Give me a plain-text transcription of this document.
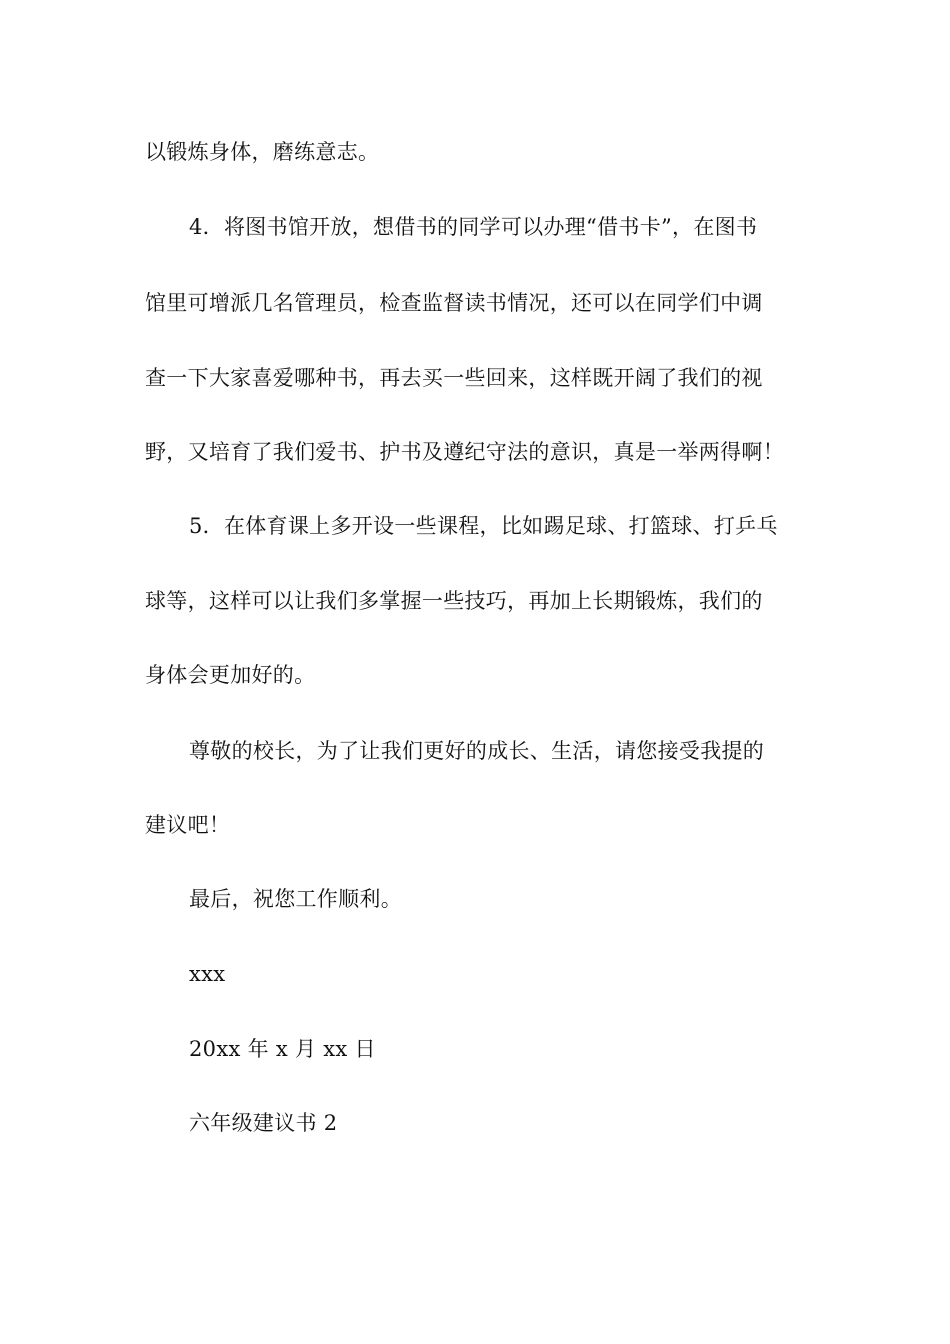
以锻炼身体，磨练意志。
4．将图书馆开放，想借书的同学可以办理“借书卡”，在图书
馆里可增派几名管理员，检查监督读书情况，还可以在同学们中调
查一下大家喜爱哪种书，再去买一些回来，这样既开阔了我们的视
野，又培育了我们爱书、护书及遵纪守法的意识，真是一举两得啊！
5．在体育课上多开设一些课程，比如踢足球、打篮球、打乒乓
球等，这样可以让我们多掌握一些技巧，再加上长期锻炼，我们的
身体会更加好的。
尊敬的校长，为了让我们更好的成长、生活，请您接受我提的
建议吧！
最后，祝您工作顺利。
xxx
20xx 年 x 月 xx 日
六年级建议书 2
